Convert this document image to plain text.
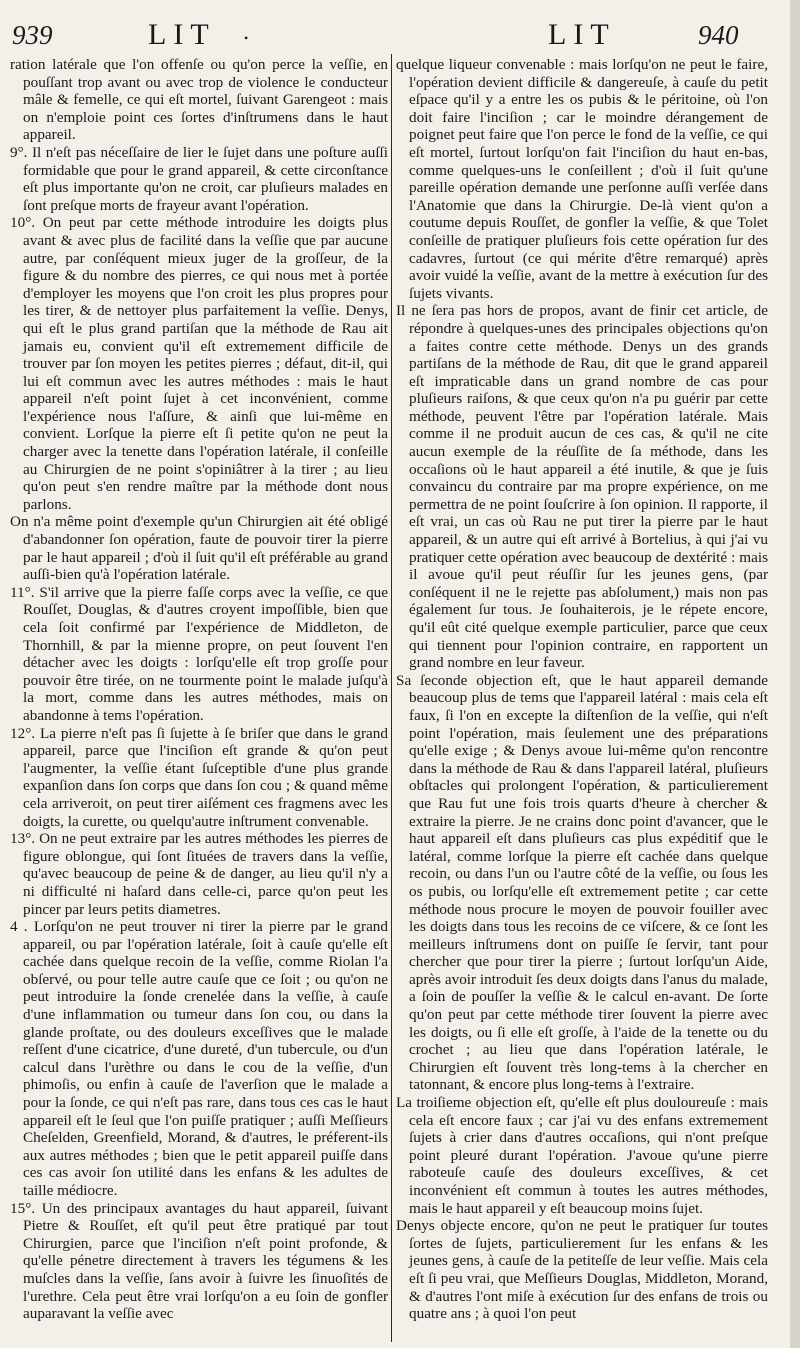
939	LIT •	LIT	940

ration latérale que l'on offenſe ou qu'on perce la veſſie, en pouſſant trop avant ou avec trop de violence le conducteur mâle & femelle, ce qui eſt mortel, ſuivant Garengeot : mais on n'emploie point ces ſortes d'inſtrumens dans le haut appareil.

9°. Il n'eſt pas néceſſaire de lier le ſujet dans une poſture auſſi formidable que pour le grand appareil, & cette circonſtance eſt plus importante qu'on ne croit, car pluſieurs malades en ſont preſque morts de frayeur avant l'opération.

10°. On peut par cette méthode introduire les doigts plus avant & avec plus de facilité dans la veſſie que par aucune autre, par conſéquent mieux juger de la groſſeur, de la figure & du nombre des pierres, ce qui nous met à portée d'employer les moyens que l'on croit les plus propres pour les tirer, & de nettoyer plus parfaitement la veſſie. Denys, qui eſt le plus grand partiſan que la méthode de Rau ait jamais eu, convient qu'il eſt extremement difficile de trouver par ſon moyen les petites pierres ; défaut, dit-il, qui lui eſt commun avec les autres méthodes : mais le haut appareil n'eſt point ſujet à cet inconvénient, comme l'expérience nous l'aſſure, & ainſi que lui-même en convient. Lorſque la pierre eſt ſi petite qu'on ne peut la charger avec la tenette dans l'opération latérale, il conſeille au Chirurgien de ne point s'opiniâtrer à la tirer ; au lieu qu'on peut s'en rendre maître par la méthode dont nous parlons.

On n'a même point d'exemple qu'un Chirurgien ait été obligé d'abandonner ſon opération, faute de pouvoir tirer la pierre par le haut appareil ; d'où il ſuit qu'il eſt préférable au grand auſſi-bien qu'à l'opération latérale.

11°. S'il arrive que la pierre faſſe corps avec la veſſie, ce que Rouſſet, Douglas, & d'autres croyent impoſſible, bien que cela ſoit confirmé par l'expérience de Middleton, de Thornhill, & par la mienne propre, on peut ſouvent l'en détacher avec les doigts : lorſqu'elle eſt trop groſſe pour pouvoir être tirée, on ne tourmente point le malade juſqu'à la mort, comme dans les autres méthodes, mais on abandonne à tems l'opération.

12°. La pierre n'eſt pas ſi ſujette à ſe briſer que dans le grand appareil, parce que l'inciſion eſt grande & qu'on peut l'augmenter, la veſſie étant ſuſceptible d'une plus grande expanſion dans ſon corps que dans ſon cou ; & quand même cela arriveroit, on peut tirer aiſément ces fragmens avec les doigts, la curette, ou quelqu'autre inſtrument convenable.

13°. On ne peut extraire par les autres méthodes les pierres de figure oblongue, qui ſont ſituées de travers dans la veſſie, qu'avec beaucoup de peine & de danger, au lieu qu'il n'y a ni difficulté ni haſard dans celle-ci, parce qu'on peut les pincer par leurs petits diametres.

4 . Lorſqu'on ne peut trouver ni tirer la pierre par le grand appareil, ou par l'opération latérale, ſoit à cauſe qu'elle eſt cachée dans quelque recoin de la veſſie, comme Riolan l'a obſervé, ou pour telle autre cauſe que ce ſoit ; ou qu'on ne peut introduire la ſonde crenelée dans la veſſie, à cauſe d'une inflammation ou tumeur dans ſon cou, ou dans la glande proſtate, ou des douleurs exceſſives que le malade reſſent d'une cicatrice, d'une dureté, d'un tubercule, ou d'un calcul dans l'urèthre ou dans le cou de la veſſie, d'un phimoſis, ou enfin à cauſe de l'averſion que le malade a pour la ſonde, ce qui n'eſt pas rare, dans tous ces cas le haut appareil eſt le ſeul que l'on puiſſe pratiquer ; auſſi Meſſieurs Cheſelden, Greenfield, Morand, & d'autres, le préferent-ils aux autres méthodes ; bien que le petit appareil puiſſe dans ces cas avoir ſon utilité dans les enfans & les adultes de taille médiocre.

15°. Un des principaux avantages du haut appareil, ſuivant Pietre & Rouſſet, eſt qu'il peut être pratiqué par tout Chirurgien, parce que l'inciſion n'eſt point profonde, & qu'elle pénetre directement à travers les tégumens & les muſcles dans la veſſie, ſans avoir à ſuivre les ſinuoſités de l'urethre. Cela peut être vrai lorſqu'on a eu ſoin de gonfler auparavant la veſſie avec

quelque liqueur convenable : mais lorſqu'on ne peut le faire, l'opération devient difficile & dangereuſe, à cauſe du petit eſpace qu'il y a entre les os pubis & le péritoine, où l'on doit faire l'inciſion ; car le moindre dérangement de poignet peut faire que l'on perce le fond de la veſſie, ce qui eſt mortel, ſurtout lorſqu'on fait l'inciſion du haut en-bas, comme quelques-uns le conſeillent ; d'où il ſuit qu'une pareille opération demande une perſonne auſſi verſée dans l'Anatomie que dans la Chirurgie. De-là vient qu'on a coutume depuis Rouſſet, de gonfler la veſſie, & que Tolet conſeille de pratiquer pluſieurs fois cette opération ſur des cadavres, ſurtout (ce qui mérite d'être remarqué) après avoir vuidé la veſſie, avant de la mettre à exécution ſur des ſujets vivants.

Il ne ſera pas hors de propos, avant de finir cet article, de répondre à quelques-unes des principales objections qu'on a faites contre cette méthode. Denys un des grands partiſans de la méthode de Rau, dit que le grand appareil eſt impraticable dans un grand nombre de cas pour pluſieurs raiſons, & que ceux qu'on n'a pu guérir par cette méthode, peuvent l'être par l'opération latérale. Mais comme il ne produit aucun de ces cas, & qu'il ne cite aucun exemple de la réuſſite de ſa méthode, dans les occaſions où le haut appareil a été inutile, & que je ſuis convaincu du contraire par ma propre expérience, on me permettra de ne point ſouſcrire à ſon opinion. Il rapporte, il eſt vrai, un cas où Rau ne put tirer la pierre par le haut appareil, & un autre qui eſt arrivé à Bortelius, à qui j'ai vu pratiquer cette opération avec beaucoup de dextérité : mais il avoue qu'il peut réuſſir ſur les jeunes gens, (par conſéquent il ne le rejette pas abſolument,) mais non pas également ſur tous. Je ſouhaiterois, je le répete encore, qu'il eût cité quelque exemple particulier, parce que ceux qui tiennent pour l'opinion contraire, en rapportent un grand nombre en leur faveur.

Sa ſeconde objection eſt, que le haut appareil demande beaucoup plus de tems que l'appareil latéral : mais cela eſt faux, ſi l'on en excepte la diſtenſion de la veſſie, qui n'eſt point l'opération, mais ſeulement une des préparations qu'elle exige ; & Denys avoue lui-même qu'on rencontre dans la méthode de Rau & dans l'appareil latéral, pluſieurs obſtacles qui prolongent l'opération, & particulierement que Rau fut une fois trois quarts d'heure à chercher & extraire la pierre. Je ne crains donc point d'avancer, que le haut appareil eſt dans pluſieurs cas plus expéditif que le latéral, comme lorſque la pierre eſt cachée dans quelque recoin, ou dans l'un ou l'autre côté de la veſſie, ou ſous les os pubis, ou lorſqu'elle eſt extremement petite ; car cette méthode nous procure le moyen de pouvoir fouiller avec les doigts dans tous les recoins de ce viſcere, & ce ſont les meilleurs inſtrumens dont on puiſſe ſe ſervir, tant pour chercher que pour tirer la pierre ; ſurtout lorſqu'un Aide, après avoir introduit ſes deux doigts dans l'anus du malade, a ſoin de pouſſer la veſſie & le calcul en-avant. De ſorte qu'on peut par cette méthode tirer ſouvent la pierre avec les doigts, ou ſi elle eſt groſſe, à l'aide de la tenette ou du crochet ; au lieu que dans l'opération latérale, le Chirurgien eſt ſouvent très long-tems à la chercher en tatonnant, & encore plus long-tems à l'extraire.

La troiſieme objection eſt, qu'elle eſt plus douloureuſe : mais cela eſt encore faux ; car j'ai vu des enfans extremement ſujets à crier dans d'autres occaſions, qui n'ont preſque point pleuré durant l'opération. J'avoue qu'une pierre raboteuſe cauſe des douleurs exceſſives, & cet inconvénient eſt commun à toutes les autres méthodes, mais le haut appareil y eſt beaucoup moins ſujet.

Denys objecte encore, qu'on ne peut le pratiquer ſur toutes ſortes de ſujets, particulierement ſur les enfans & les jeunes gens, à cauſe de la petiteſſe de leur veſſie. Mais cela eſt ſi peu vrai, que Meſſieurs Douglas, Middleton, Morand, & d'autres l'ont miſe à exécution ſur des enfans de trois ou quatre ans ; à quoi l'on peut
